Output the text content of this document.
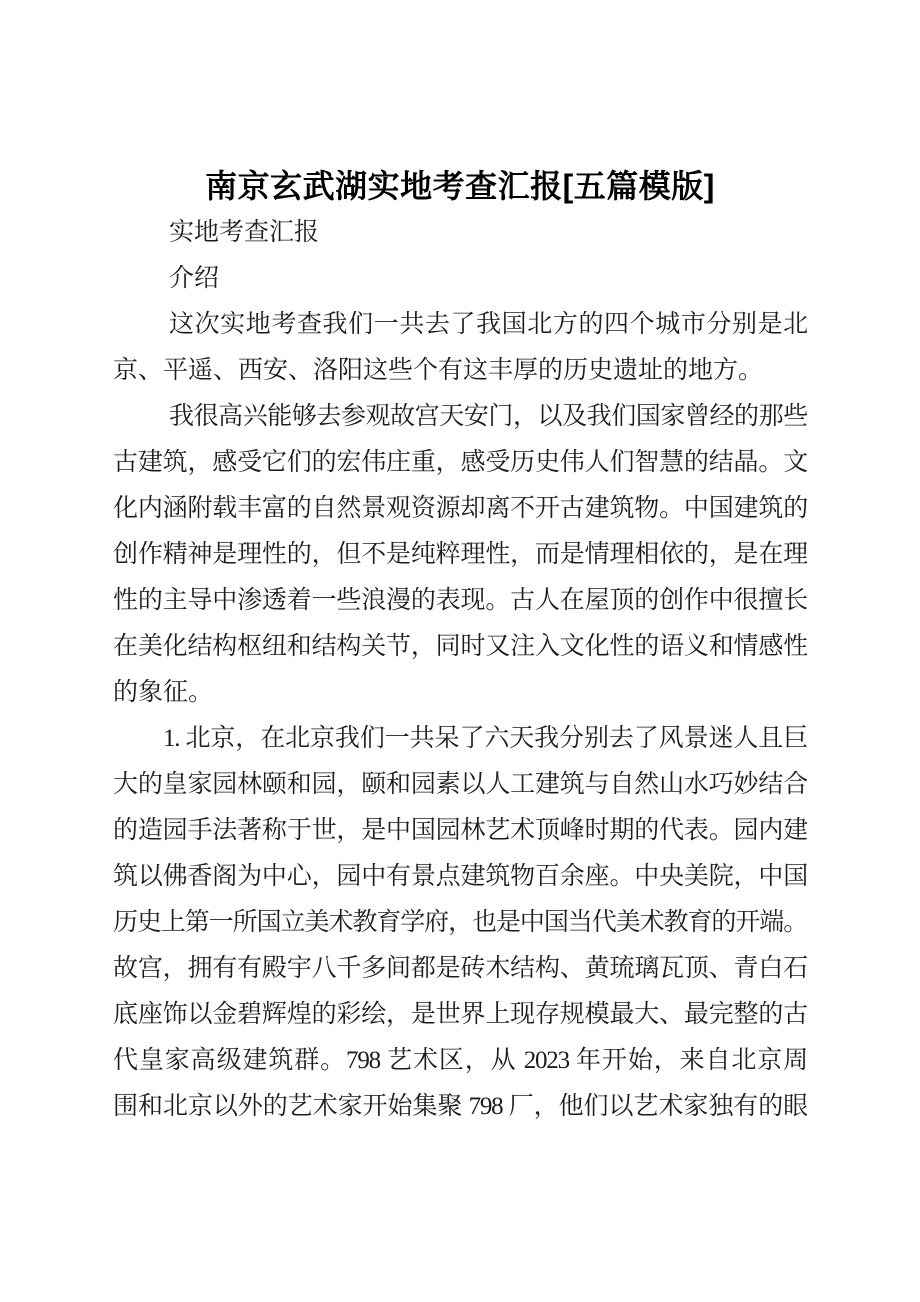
南京玄武湖实地考查汇报[五篇模版]
实地考查汇报
介绍
这次实地考查我们一共去了我国北方的四个城市分别是北
京、平遥、西安、洛阳这些个有这丰厚的历史遗址的地方。
我很高兴能够去参观故宫天安门，以及我们国家曾经的那些
古建筑，感受它们的宏伟庄重，感受历史伟人们智慧的结晶。文
化内涵附载丰富的自然景观资源却离不开古建筑物。中国建筑的
创作精神是理性的，但不是纯粹理性，而是情理相依的，是在理
性的主导中渗透着一些浪漫的表现。古人在屋顶的创作中很擅长
在美化结构枢纽和结构关节，同时又注入文化性的语义和情感性
的象征。
1. 北京，在北京我们一共呆了六天我分别去了风景迷人且巨
大的皇家园林颐和园，颐和园素以人工建筑与自然山水巧妙结合
的造园手法著称于世，是中国园林艺术顶峰时期的代表。园内建
筑以佛香阁为中心，园中有景点建筑物百余座。中央美院，中国
历史上第一所国立美术教育学府，也是中国当代美术教育的开端。
故宫，拥有有殿宇八千多间都是砖木结构、黄琉璃瓦顶、青白石
底座饰以金碧辉煌的彩绘，是世界上现存规模最大、最完整的古
代皇家高级建筑群。798 艺术区，从 2023 年开始，来自北京周
围和北京以外的艺术家开始集聚 798 厂，他们以艺术家独有的眼
